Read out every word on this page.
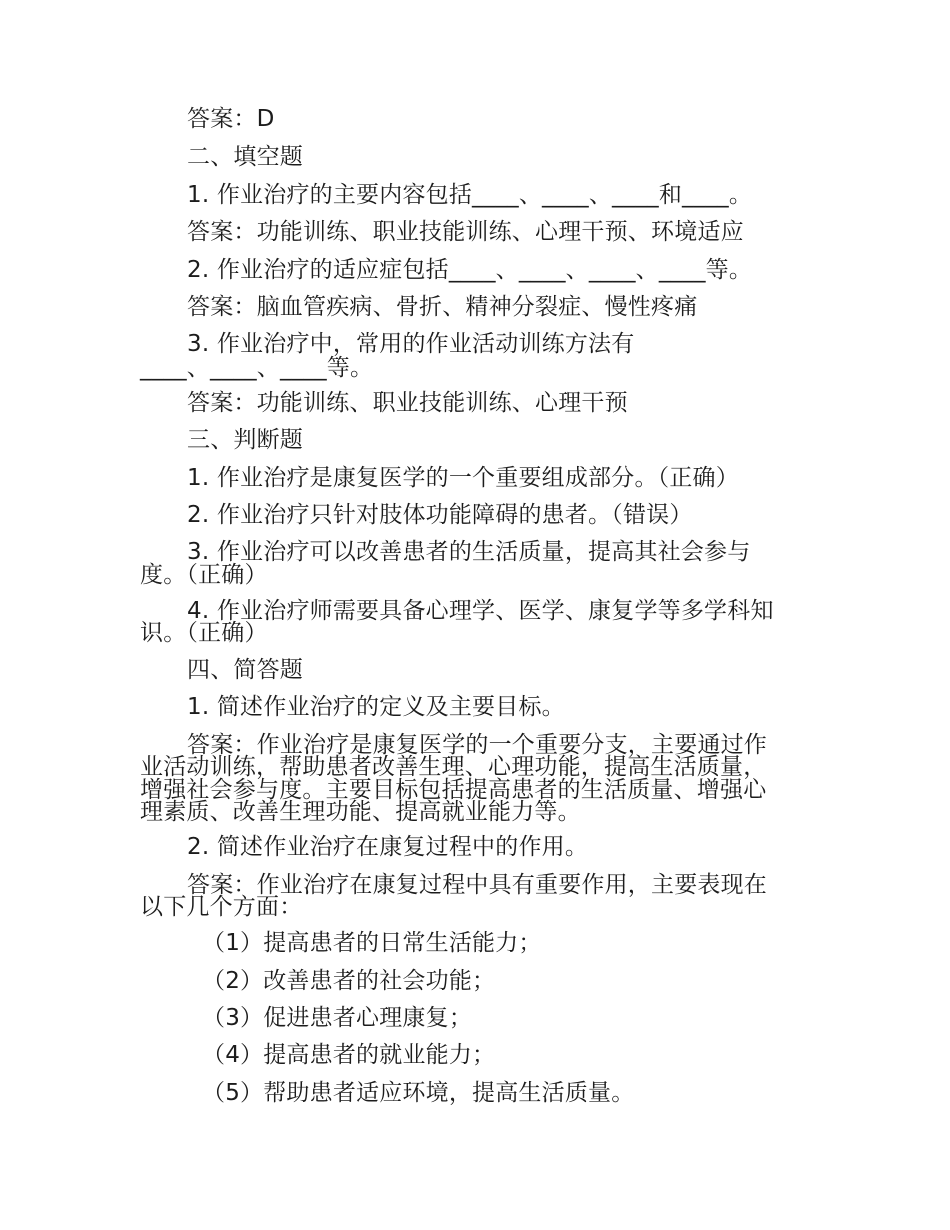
答案：D
二、填空题
1. 作业治疗的主要内容包括____、____、____和____。
答案：功能训练、职业技能训练、心理干预、环境适应
2. 作业治疗的适应症包括____、____、____、____等。
答案：脑血管疾病、骨折、精神分裂症、慢性疼痛
3. 作业治疗中，常用的作业活动训练方法有
____、____、____等。
答案：功能训练、职业技能训练、心理干预
三、判断题
1. 作业治疗是康复医学的一个重要组成部分。（正确）
2. 作业治疗只针对肢体功能障碍的患者。（错误）
3. 作业治疗可以改善患者的生活质量，提高其社会参与
度。（正确）
4. 作业治疗师需要具备心理学、医学、康复学等多学科知
识。（正确）
四、简答题
1. 简述作业治疗的定义及主要目标。
答案：作业治疗是康复医学的一个重要分支，主要通过作
业活动训练，帮助患者改善生理、心理功能，提高生活质量，
增强社会参与度。主要目标包括提高患者的生活质量、增强心
理素质、改善生理功能、提高就业能力等。
2. 简述作业治疗在康复过程中的作用。
答案：作业治疗在康复过程中具有重要作用，主要表现在
以下几个方面：
（1）提高患者的日常生活能力；
（2）改善患者的社会功能；
（3）促进患者心理康复；
（4）提高患者的就业能力；
（5）帮助患者适应环境，提高生活质量。
